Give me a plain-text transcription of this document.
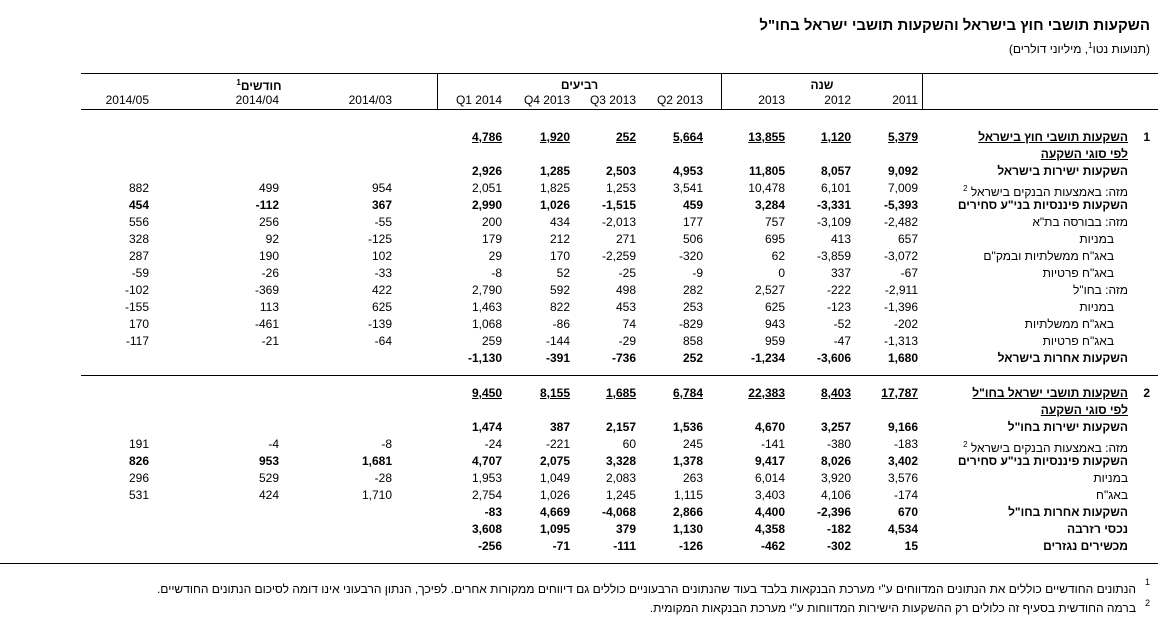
השקעות תושבי חוץ בישראל והשקעות תושבי ישראל בחו"ל
(תנועות נטו$^1$, מיליוני דולרים)
שנה
רביעים
חודשים$^1$
2011
2012
2013
Q2 2013
Q3 2013
Q4 2013
Q1 2014
2014/03
2014/04
2014/05
1
השקעות תושבי חוץ בישראל
5,379
1,120
13,855
5,664
252
1,920
4,786
לפי סוגי השקעה
השקעות ישירות בישראל
9,092
8,057
11,805
4,953
2,503
1,285
2,926
מזה: באמצעות הבנקים בישראל $^2$
7,009
6,101
10,478
3,541
1,253
1,825
2,051
954
499
882
השקעות פיננסיות בני"ע סחירים
-5,393
-3,331
3,284
459
-1,515
1,026
2,990
367
-112
454
מזה: בבורסה בת"א
-2,482
-3,109
757
177
-2,013
434
200
-55
256
556
במניות
657
413
695
506
271
212
179
-125
92
328
באג"ח ממשלתיות ובמק"ם
-3,072
-3,859
62
-320
-2,259
170
29
102
190
287
באג"ח פרטיות
-67
337
0
-9
-25
52
-8
-33
-26
-59
מזה: בחו"ל
-2,911
-222
2,527
282
498
592
2,790
422
-369
-102
במניות
-1,396
-123
625
253
453
822
1,463
625
113
-155
באג"ח ממשלתיות
-202
-52
943
-829
74
-86
1,068
-139
-461
170
באג"ח פרטיות
-1,313
-47
959
858
-29
-144
259
-64
-21
-117
השקעות אחרות בישראל
1,680
-3,606
-1,234
252
-736
-391
-1,130
2
השקעות תושבי ישראל בחו"ל
17,787
8,403
22,383
6,784
1,685
8,155
9,450
לפי סוגי השקעה
השקעות ישירות בחו"ל
9,166
3,257
4,670
1,536
2,157
387
1,474
מזה: באמצעות הבנקים בישראל $^2$
-183
-380
-141
245
60
-221
-24
-8
-4
191
השקעות פיננסיות בני"ע סחירים
3,402
8,026
9,417
1,378
3,328
2,075
4,707
1,681
953
826
במניות
3,576
3,920
6,014
263
2,083
1,049
1,953
-28
529
296
באג"ח
-174
4,106
3,403
1,115
1,245
1,026
2,754
1,710
424
531
השקעות אחרות בחו"ל
670
-2,396
4,400
2,866
-4,068
4,669
-83
נכסי רזרבה
4,534
-182
4,358
1,130
379
1,095
3,608
מכשירים נגזרים
15
-302
-462
-126
-111
-71
-256
1
הנתונים החודשיים כוללים את הנתונים המדווחים ע"י מערכת הבנקאות בלבד בעוד שהנתונים הרבעוניים כוללים גם דיווחים ממקורות אחרים. לפיכך, הנתון הרבעוני אינו דומה לסיכום הנתונים החודשיים.
2
ברמה החודשית בסעיף זה כלולים רק ההשקעות הישירות המדווחות ע"י מערכת הבנקאות המקומית.
